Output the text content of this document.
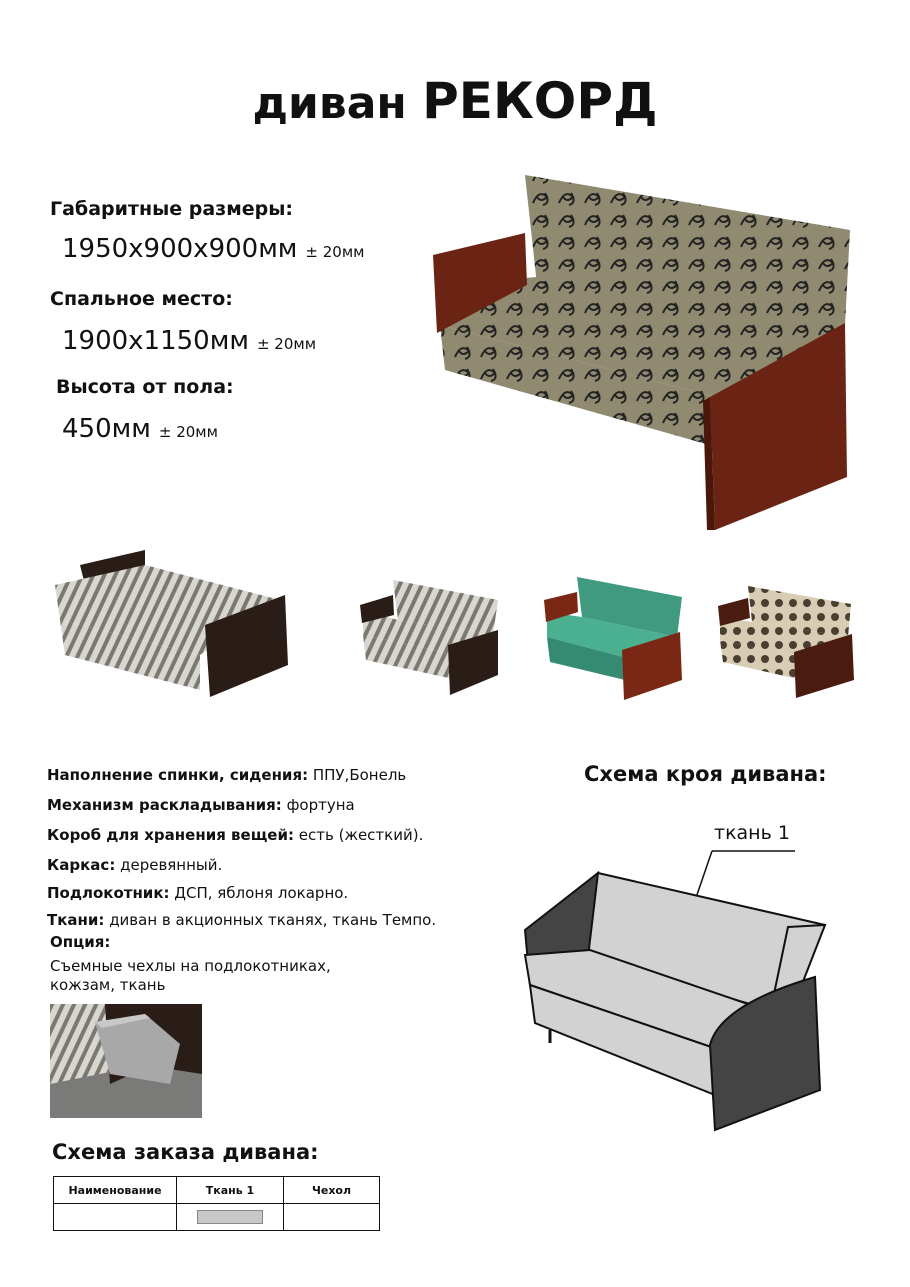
диван РЕКОРД
Габаритные размеры:
1950х900х900мм ± 20мм
Спальное место:
1900х1150мм ± 20мм
Высота от пола:
450мм ± 20мм
Наполнение спинки, сидения: ППУ,Бонель
Механизм раскладывания: фортуна
Короб для хранения вещей: есть (жесткий).
Каркас: деревянный.
Подлокотник: ДСП, яблоня локарно.
Ткани: диван в акционных тканях, ткань Темпо.
Опция:
Съемные чехлы на подлокотниках,
кожзам, ткань
Схема кроя дивана:
ткань 1
Схема заказа дивана:
Наименование	Ткань 1	Чехол
